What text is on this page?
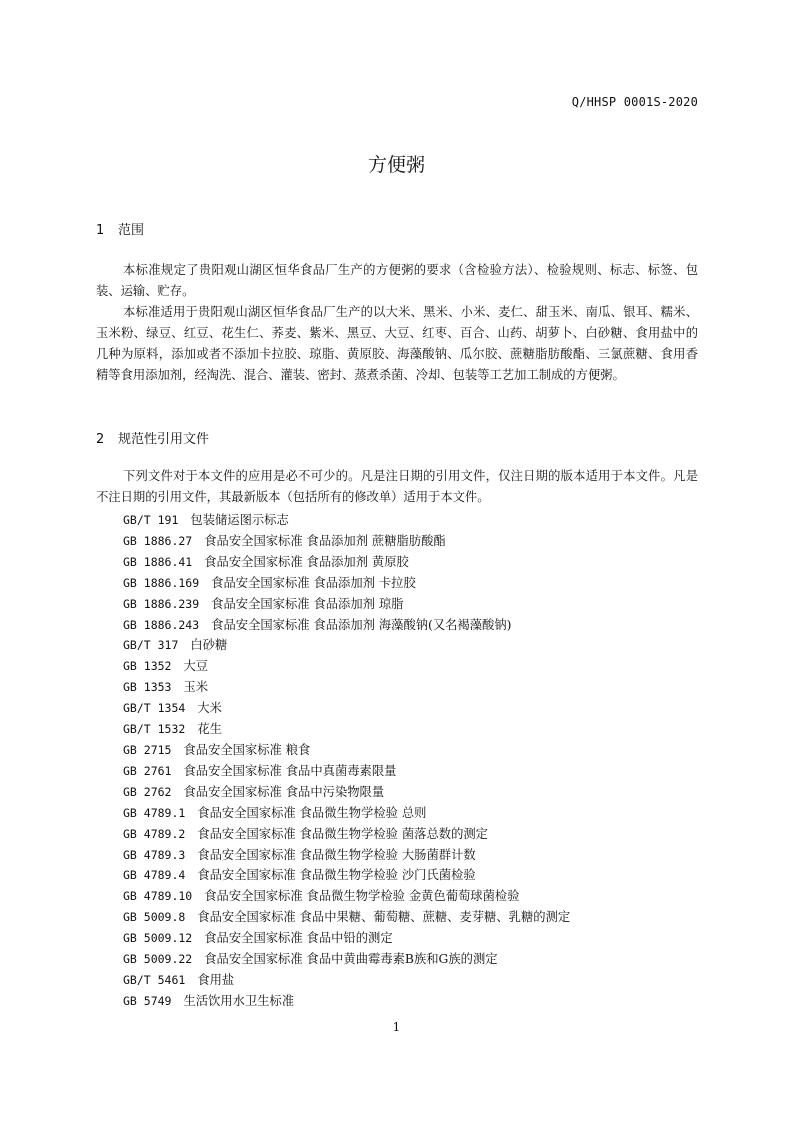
Q/HHSP 0001S-2020
方便粥
1 范围

本标准规定了贵阳观山湖区恒华食品厂生产的方便粥的要求（含检验方法）、检验规则、标志、标签、包装、运输、贮存。

本标准适用于贵阳观山湖区恒华食品厂生产的以大米、黑米、小米、麦仁、甜玉米、南瓜、银耳、糯米、玉米粉、绿豆、红豆、花生仁、荞麦、紫米、黑豆、大豆、红枣、百合、山药、胡萝卜、白砂糖、食用盐中的几种为原料，添加或者不添加卡拉胶、琼脂、黄原胶、海藻酸钠、瓜尔胶、蔗糖脂肪酸酯、三氯蔗糖、食用香精等食用添加剂，经淘洗、混合、灌装、密封、蒸煮杀菌、冷却、包装等工艺加工制成的方便粥。

2 规范性引用文件

下列文件对于本文件的应用是必不可少的。凡是注日期的引用文件，仅注日期的版本适用于本文件。凡是不注日期的引用文件，其最新版本（包括所有的修改单）适用于本文件。

GB/T 191 包装储运图示标志
GB 1886.27 食品安全国家标准 食品添加剂 蔗糖脂肪酸酯
GB 1886.41 食品安全国家标准 食品添加剂 黄原胶
GB 1886.169 食品安全国家标准 食品添加剂 卡拉胶
GB 1886.239 食品安全国家标准 食品添加剂 琼脂
GB 1886.243 食品安全国家标准 食品添加剂 海藻酸钠(又名褐藻酸钠)
GB/T 317 白砂糖
GB 1352 大豆
GB 1353 玉米
GB/T 1354 大米
GB/T 1532 花生
GB 2715 食品安全国家标准 粮食
GB 2761 食品安全国家标准 食品中真菌毒素限量
GB 2762 食品安全国家标准 食品中污染物限量
GB 4789.1 食品安全国家标准 食品微生物学检验 总则
GB 4789.2 食品安全国家标准 食品微生物学检验 菌落总数的测定
GB 4789.3 食品安全国家标准 食品微生物学检验 大肠菌群计数
GB 4789.4 食品安全国家标准 食品微生物学检验 沙门氏菌检验
GB 4789.10 食品安全国家标准 食品微生物学检验 金黄色葡萄球菌检验
GB 5009.8 食品安全国家标准 食品中果糖、葡萄糖、蔗糖、麦芽糖、乳糖的测定
GB 5009.12 食品安全国家标准 食品中铅的测定
GB 5009.22 食品安全国家标准 食品中黄曲霉毒素B族和G族的测定
GB/T 5461 食用盐
GB 5749 生活饮用水卫生标准
1
